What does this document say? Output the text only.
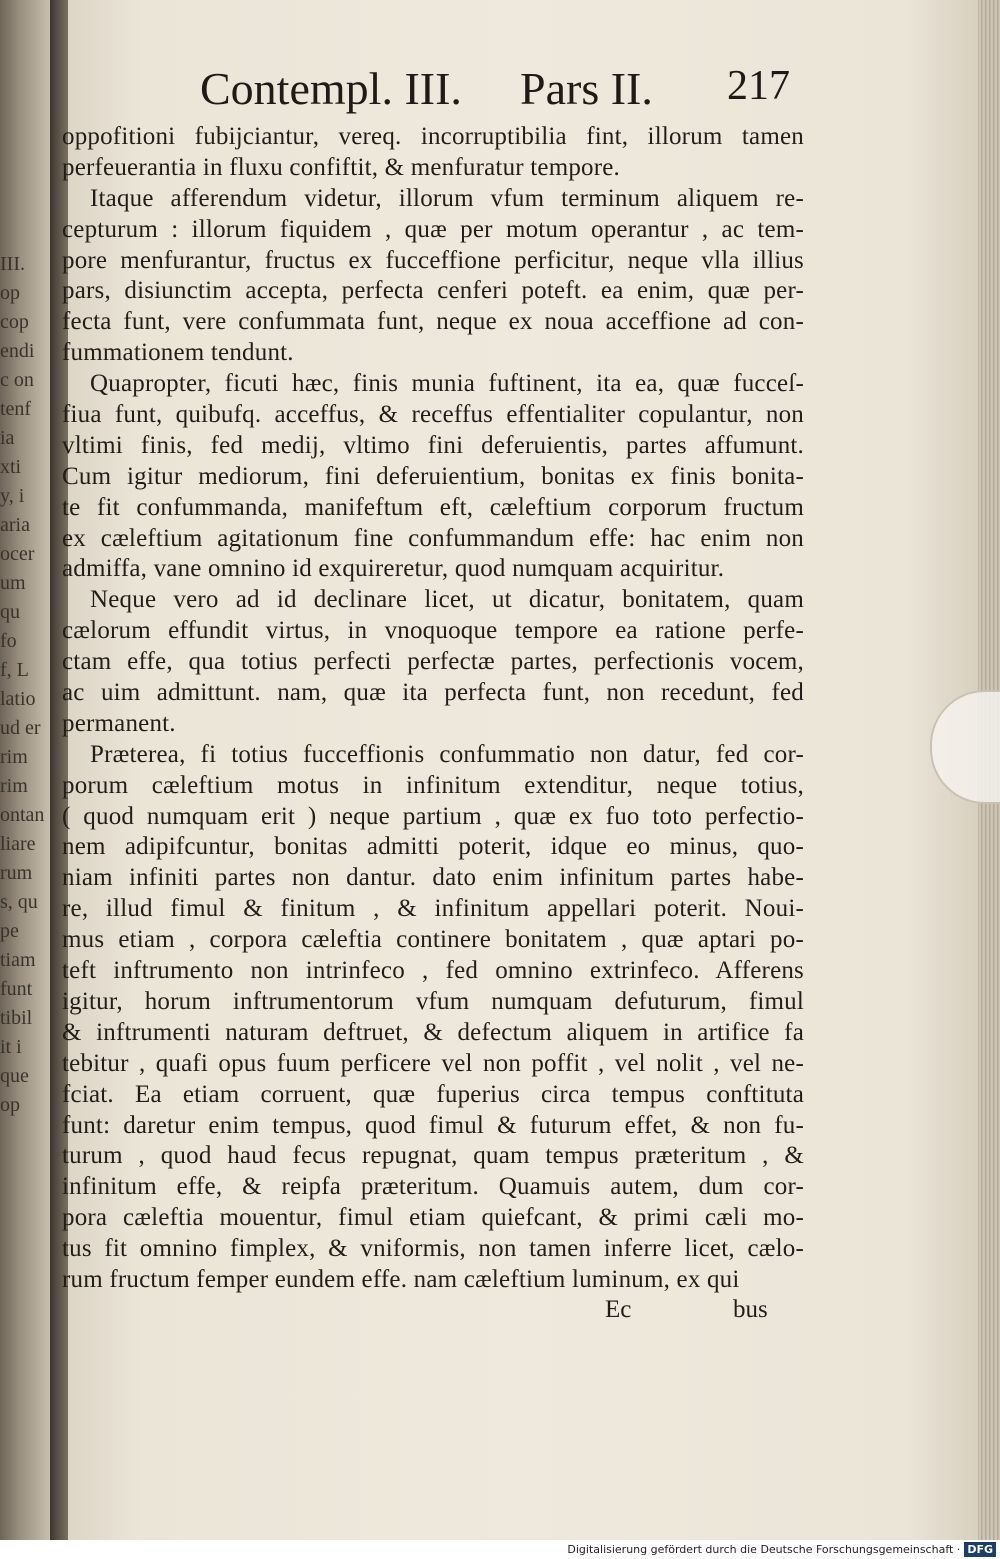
III.
op
cop
endi
c on
tenf
ia
xti
y, i
aria
ocer
um
qu
fo
f, L
latio
ud er
rim
rim
ontan
liare
rum
s, qu
pe
tiam
funt
tibil
it i
que
op
Contempl. III. Pars II. 217
oppofitioni fubijciantur, vereq. incorruptibilia fint, illorum tamen
perfeuerantia in fluxu confiftit, & menfuratur tempore.
Itaque afferendum videtur, illorum vfum terminum aliquem re-
cepturum : illorum fiquidem , quæ per motum operantur , ac tem-
pore menfurantur, fructus ex fucceffione perficitur, neque vlla illius
pars, disiunctim accepta, perfecta cenferi poteft. ea enim, quæ per-
fecta funt, vere confummata funt, neque ex noua acceffione ad con-
fummationem tendunt.
Quapropter, ficuti hæc, finis munia fuftinent, ita ea, quæ fucceſ-
fiua funt, quibufq. acceffus, & receffus effentialiter copulantur, non
vltimi finis, fed medij, vltimo fini deferuientis, partes affumunt.
Cum igitur mediorum, fini deferuientium, bonitas ex finis bonita-
te fit confummanda, manifeftum eft, cæleftium corporum fructum
ex cæleftium agitationum fine confummandum effe: hac enim non
admiffa, vane omnino id exquireretur, quod numquam acquiritur.
Neque vero ad id declinare licet, ut dicatur, bonitatem, quam
cælorum effundit virtus, in vnoquoque tempore ea ratione perfe-
ctam effe, qua totius perfecti perfectæ partes, perfectionis vocem,
ac uim admittunt. nam, quæ ita perfecta funt, non recedunt, fed
permanent.
Præterea, fi totius fucceffionis confummatio non datur, fed cor-
porum cæleftium motus in infinitum extenditur, neque totius,
( quod numquam erit ) neque partium , quæ ex fuo toto perfectio-
nem adipifcuntur, bonitas admitti poterit, idque eo minus, quo-
niam infiniti partes non dantur. dato enim infinitum partes habe-
re, illud fimul & finitum , & infinitum appellari poterit. Noui-
mus etiam , corpora cæleftia continere bonitatem , quæ aptari po-
teft inftrumento non intrinfeco , fed omnino extrinfeco. Afferens
igitur, horum inftrumentorum vfum numquam defuturum, fimul
& inftrumenti naturam deftruet, & defectum aliquem in artifice fa
tebitur , quafi opus fuum perficere vel non poffit , vel nolit , vel ne-
fciat. Ea etiam corruent, quæ fuperius circa tempus conftituta
funt: daretur enim tempus, quod fimul & futurum effet, & non fu-
turum , quod haud fecus repugnat, quam tempus præteritum , &
infinitum effe, & reipfa præteritum. Quamuis autem, dum cor-
pora cæleftia mouentur, fimul etiam quiefcant, & primi cæli mo-
tus fit omnino fimplex, & vniformis, non tamen inferre licet, cælo-
rum fructum femper eundem effe. nam cæleftium luminum, ex qui
Ec	bus
Digitalisierung gefördert durch die Deutsche Forschungsgemeinschaft · DFG
